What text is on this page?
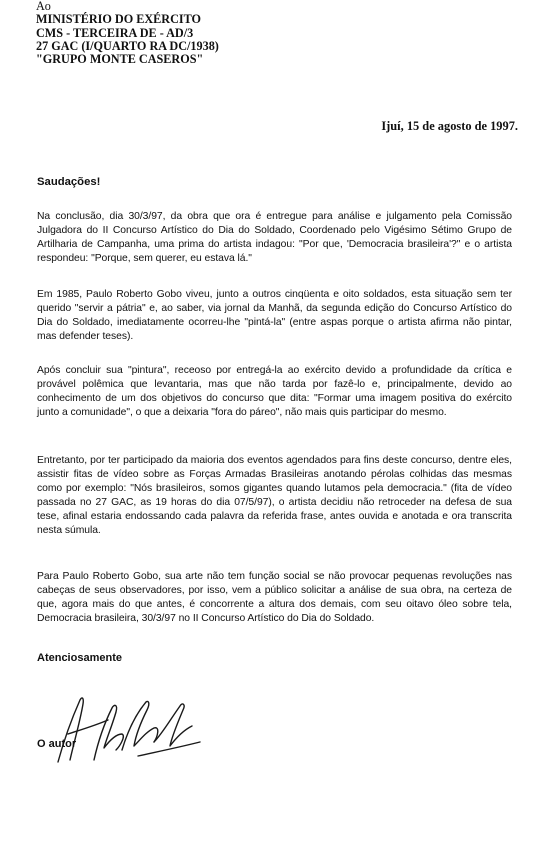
Ao
MINISTÉRIO DO EXÉRCITO
CMS - TERCEIRA DE - AD/3
27 GAC (I/QUARTO RA DC/1938)
"GRUPO MONTE CASEROS"
Ijuí, 15 de agosto de 1997.
Saudações!

Na conclusão, dia 30/3/97, da obra que ora é entregue para análise e julgamento pela Comissão Julgadora do II Concurso Artístico do Dia do Soldado, Coordenado pelo Vigésimo Sétimo Grupo de Artilharia de Campanha, uma prima do artista indagou: "Por que, 'Democracia brasileira'?" e o artista respondeu: "Porque, sem querer, eu estava lá."

Em 1985, Paulo Roberto Gobo viveu, junto a outros cinqüenta e oito soldados, esta situação sem ter querido "servir a pátria" e, ao saber, via jornal da Manhã, da segunda edição do Concurso Artístico do Dia do Soldado, imediatamente ocorreu-lhe "pintá-la" (entre aspas porque o artista afirma não pintar, mas defender teses).

Após concluir sua "pintura", receoso por entregá-la ao exército devido a profundidade da crítica e provável polêmica que levantaria, mas que não tarda por fazê-lo e, principalmente, devido ao conhecimento de um dos objetivos do concurso que dita: "Formar uma imagem positiva do exército junto a comunidade", o que a deixaria "fora do páreo", não mais quis participar do mesmo.

Entretanto, por ter participado da maioria dos eventos agendados para fins deste concurso, dentre eles, assistir fitas de vídeo sobre as Forças Armadas Brasileiras anotando pérolas colhidas das mesmas como por exemplo: "Nós brasileiros, somos gigantes quando lutamos pela democracia." (fita de vídeo passada no 27 GAC, as 19 horas do dia 07/5/97), o artista decidiu não retroceder na defesa de sua tese, afinal estaria endossando cada palavra da referida frase, antes ouvida e anotada e ora transcrita nesta súmula.

Para Paulo Roberto Gobo, sua arte não tem função social se não provocar pequenas revoluções nas cabeças de seus observadores, por isso, vem a público solicitar a análise de sua obra, na certeza de que, agora mais do que antes, é concorrente a altura dos demais, com seu oitavo óleo sobre tela, Democracia brasileira, 30/3/97 no II Concurso Artístico do Dia do Soldado.

Atenciosamente
O autor
